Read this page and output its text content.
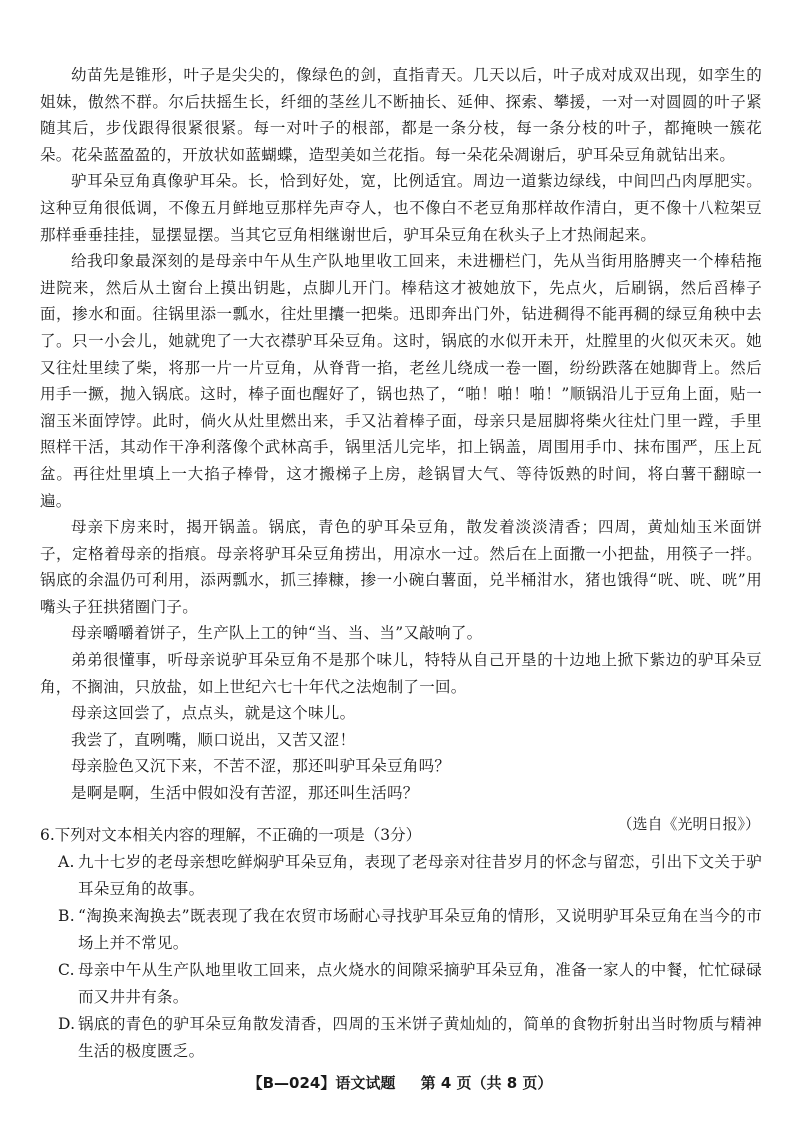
幼苗先是锥形，叶子是尖尖的，像绿色的剑，直指青天。几天以后，叶子成对成双出现，如孪生的姐妹，傲然不群。尔后扶摇生长，纤细的茎丝儿不断抽长、延伸、探索、攀援，一对一对圆圆的叶子紧随其后，步伐跟得很紧很紧。每一对叶子的根部，都是一条分枝，每一条分枝的叶子，都掩映一簇花朵。花朵蓝盈盈的，开放状如蓝蝴蝶，造型美如兰花指。每一朵花朵凋谢后，驴耳朵豆角就钻出来。

驴耳朵豆角真像驴耳朵。长，恰到好处，宽，比例适宜。周边一道紫边绿线，中间凹凸肉厚肥实。这种豆角很低调，不像五月鲜地豆那样先声夺人，也不像白不老豆角那样故作清白，更不像十八粒架豆那样垂垂挂挂，显摆显摆。当其它豆角相继谢世后，驴耳朵豆角在秋头子上才热闹起来。

给我印象最深刻的是母亲中午从生产队地里收工回来，未进栅栏门，先从当街用胳膊夹一个棒秸拖进院来，然后从土窗台上摸出钥匙，点脚儿开门。棒秸这才被她放下，先点火，后刷锅，然后舀棒子面，掺水和面。往锅里添一瓢水，往灶里攮一把柴。迅即奔出门外，钻进稠得不能再稠的绿豆角秧中去了。只一小会儿，她就兜了一大衣襟驴耳朵豆角。这时，锅底的水似开未开，灶膛里的火似灭未灭。她又往灶里续了柴，将那一片一片豆角，从脊背一掐，老丝儿绕成一卷一圈，纷纷跌落在她脚背上。然后用手一撅，抛入锅底。这时，棒子面也醒好了，锅也热了，“啪！啪！啪！”顺锅沿儿于豆角上面，贴一溜玉米面饽饽。此时，倘火从灶里燃出来，手又沾着棒子面，母亲只是屈脚将柴火往灶门里一蹚，手里照样干活，其动作干净利落像个武林高手，锅里活儿完毕，扣上锅盖，周围用手巾、抹布围严，压上瓦盆。再往灶里填上一大掐子棒骨，这才搬梯子上房，趁锅冒大气、等待饭熟的时间，将白薯干翻晾一遍。

母亲下房来时，揭开锅盖。锅底，青色的驴耳朵豆角，散发着淡淡清香；四周，黄灿灿玉米面饼子，定格着母亲的指痕。母亲将驴耳朵豆角捞出，用凉水一过。然后在上面撒一小把盐，用筷子一拌。锅底的余温仍可利用，添两瓢水，抓三捧糠，掺一小碗白薯面，兑半桶泔水，猪也饿得“咣、咣、咣”用嘴头子狂拱猪圈门子。

母亲嚼嚼着饼子，生产队上工的钟“当、当、当”又敲响了。

弟弟很懂事，听母亲说驴耳朵豆角不是那个味儿，特特从自己开垦的十边地上掀下紫边的驴耳朵豆角，不搁油，只放盐，如上世纪六七十年代之法炮制了一回。

母亲这回尝了，点点头，就是这个味儿。

我尝了，直咧嘴，顺口说出，又苦又涩！

母亲脸色又沉下来，不苦不涩，那还叫驴耳朵豆角吗？

是啊是啊，生活中假如没有苦涩，那还叫生活吗？

（选自《光明日报》）

6.下列对文本相关内容的理解，不正确的一项是（3分）

A. 九十七岁的老母亲想吃鲜焖驴耳朵豆角，表现了老母亲对往昔岁月的怀念与留恋，引出下文关于驴耳朵豆角的故事。
B. “淘换来淘换去”既表现了我在农贸市场耐心寻找驴耳朵豆角的情形，又说明驴耳朵豆角在当今的市场上并不常见。
C. 母亲中午从生产队地里收工回来，点火烧水的间隙采摘驴耳朵豆角，准备一家人的中餐，忙忙碌碌而又井井有条。
D. 锅底的青色的驴耳朵豆角散发清香，四周的玉米饼子黄灿灿的，简单的食物折射出当时物质与精神生活的极度匮乏。
【B—024】语文试题 第 4 页（共 8 页）
